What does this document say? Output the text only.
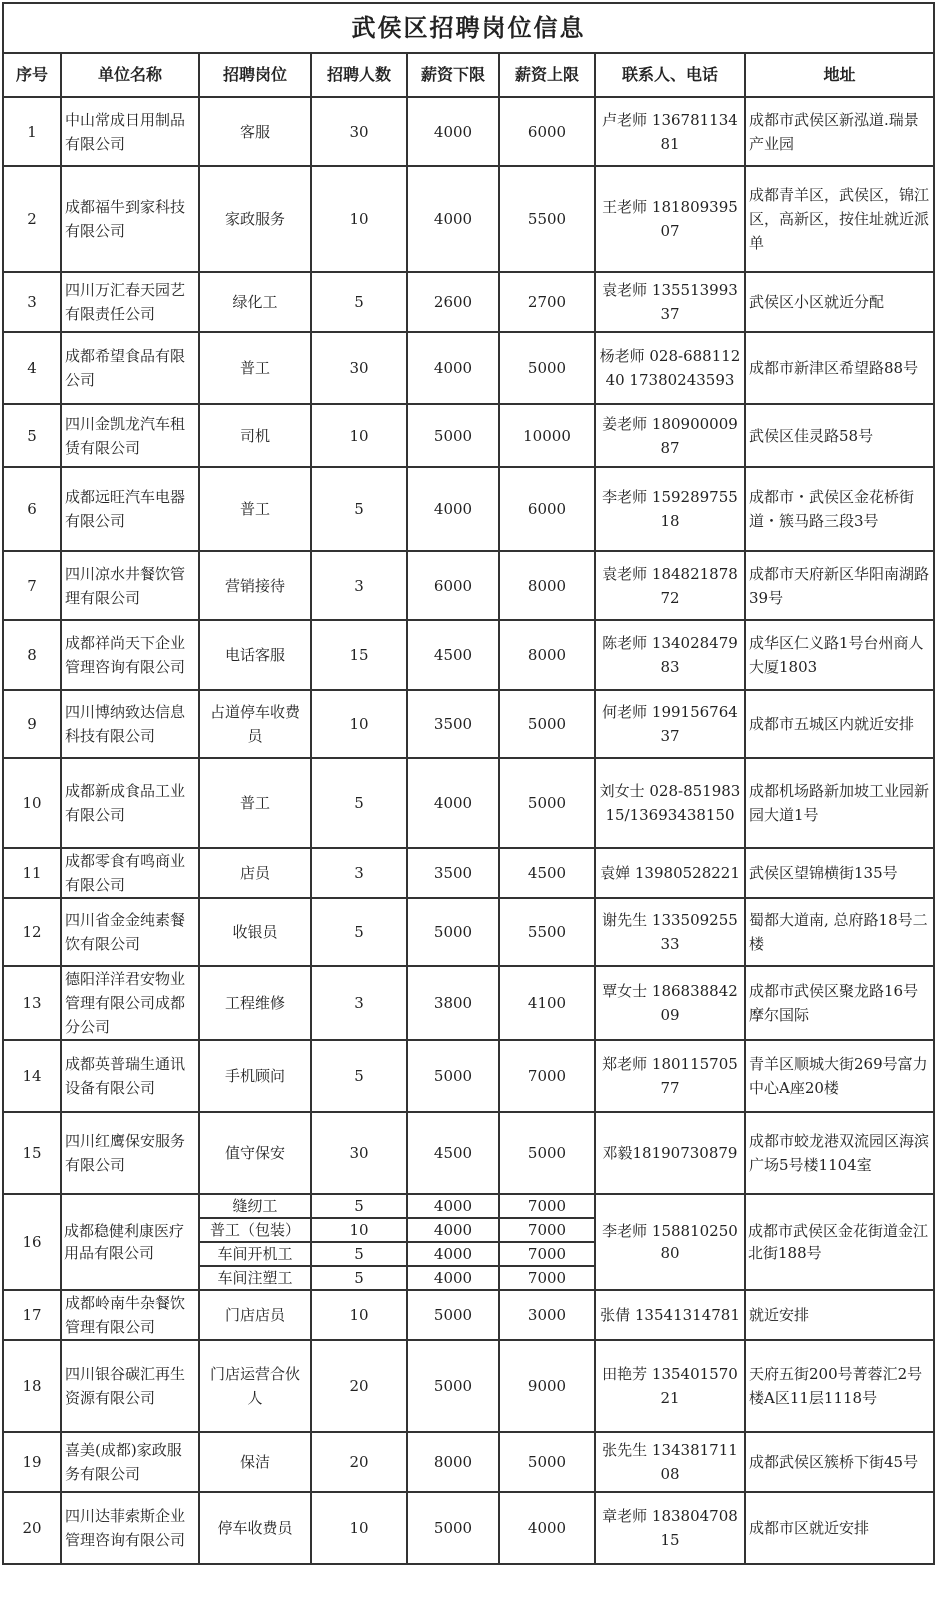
武侯区招聘岗位信息							
序号	单位名称	招聘岗位	招聘人数	薪资下限	薪资上限	联系人、电话	地址
1	中山常成日用制品有限公司	客服	30	4000	6000	卢老师 13678113481	成都市武侯区新泓道.瑞景产业园
2	成都福牛到家科技有限公司	家政服务	10	4000	5500	王老师 18180939507	成都青羊区，武侯区，锦江区，高新区，按住址就近派单
3	四川万汇春天园艺有限责任公司	绿化工	5	2600	2700	袁老师 13551399337	武侯区小区就近分配
4	成都希望食品有限公司	普工	30	4000	5000	杨老师 028-68811240 17380243593	成都市新津区希望路88号
5	四川金凯龙汽车租赁有限公司	司机	10	5000	10000	姜老师 18090000987	武侯区佳灵路58号
6	成都远旺汽车电器有限公司	普工	5	4000	6000	李老师 15928975518	成都市・武侯区金花桥街道・簇马路三段3号
7	四川凉水井餐饮管理有限公司	营销接待	3	6000	8000	袁老师 18482187872	成都市天府新区华阳南湖路39号
8	成都祥尚天下企业管理咨询有限公司	电话客服	15	4500	8000	陈老师 13402847983	成华区仁义路1号台州商人大厦1803
9	四川博纳致达信息科技有限公司	占道停车收费员	10	3500	5000	何老师 19915676437	成都市五城区内就近安排
10	成都新成食品工业有限公司	普工	5	4000	5000	刘女士 028-85198315/13693438150	成都机场路新加坡工业园新园大道1号
11	成都零食有鸣商业有限公司	店员	3	3500	4500	袁婵 13980528221	武侯区望锦横街135号
12	四川省金金纯素餐饮有限公司	收银员	5	5000	5500	谢先生 13350925533	蜀都大道南, 总府路18号二楼
13	德阳洋洋君安物业管理有限公司成都分公司	工程维修	3	3800	4100	覃女士 18683884209	成都市武侯区聚龙路16号摩尔国际
14	成都英普瑞生通讯设备有限公司	手机顾问	5	5000	7000	郑老师 18011570577	青羊区顺城大街269号富力中心A座20楼
15	四川红鹰保安服务有限公司	值守保安	30	4500	5000	邓毅18190730879	成都市蛟龙港双流园区海滨广场5号楼1104室
16	成都稳健利康医疗用品有限公司	缝纫工	5	4000	7000	李老师 15881025080	成都市武侯区金花街道金江北街188号
		普工（包装）	10	4000	7000		
		车间开机工	5	4000	7000		
		车间注塑工	5	4000	7000		
17	成都岭南牛杂餐饮管理有限公司	门店店员	10	5000	3000	张倩 13541314781	就近安排
18	四川银谷碳汇再生资源有限公司	门店运营合伙人	20	5000	9000	田艳芳 13540157021	天府五街200号菁蓉汇2号楼A区11层1118号
19	喜美(成都)家政服务有限公司	保洁	20	8000	5000	张先生 13438171108	成都武侯区簇桥下街45号
20	四川达菲索斯企业管理咨询有限公司	停车收费员	10	5000	4000	章老师 18380470815	成都市区就近安排
